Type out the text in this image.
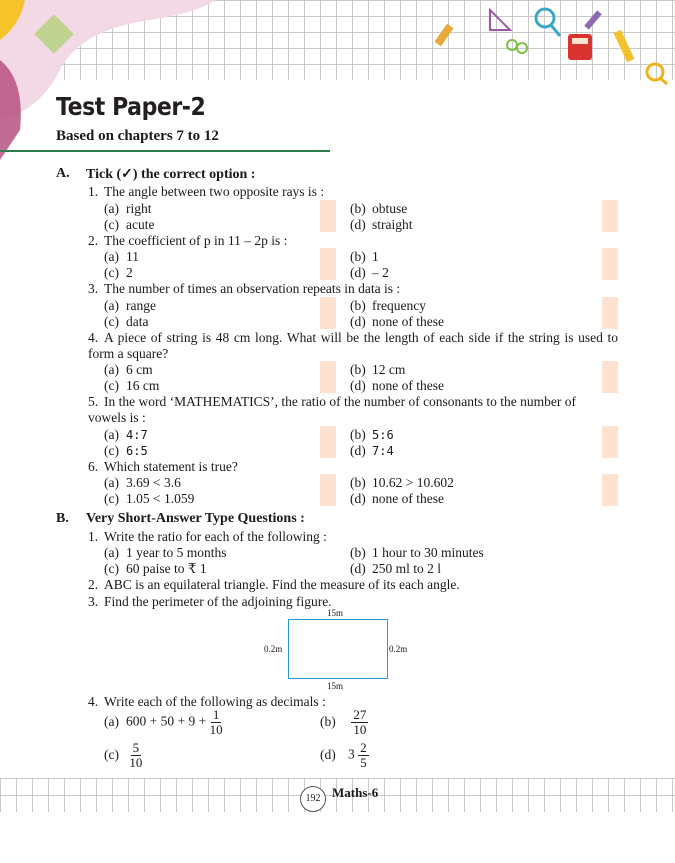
Test Paper-2
Based on chapters 7 to 12
A. Tick (✓) the correct option :
1. The angle between two opposite rays is :
(a) right	(b) obtuse
(c) acute	(d) straight
2. The coefficient of p in 11 – 2p is :
(a) 11	(b) 1
(c) 2	(d) – 2
3. The number of times an observation repeats in data is :
(a) range	(b) frequency
(c) data	(d) none of these
4. A piece of string is 48 cm long. What will be the length of each side if the string is used to form a square?
(a) 6 cm	(b) 12 cm
(c) 16 cm	(d) none of these
5. In the word ‘MATHEMATICS’, the ratio of the number of consonants to the number of vowels is :
(a) 4:7	(b) 5:6
(c) 6:5	(d) 7:4
6. Which statement is true?
(a) 3.69 < 3.6	(b) 10.62 > 10.602
(c) 1.05 < 1.059	(d) none of these
B. Very Short-Answer Type Questions :
1. Write the ratio for each of the following :
(a) 1 year to 5 months	(b) 1 hour to 30 minutes
(c) 60 paise to ₹ 1	(d) 250 ml to 2 l
2. ABC is an equilateral triangle. Find the measure of its each angle.
3. Find the perimeter of the adjoining figure.
15m
15m
0.2m	0.2m
4. Write each of the following as decimals :
(a) $600 + 50 + 9 + \frac{1}{10}$	$(b) \frac{27}{10}$
$(c) \frac{5}{10}$	(d) $3 \frac{2}{5}$
192 Maths-6
